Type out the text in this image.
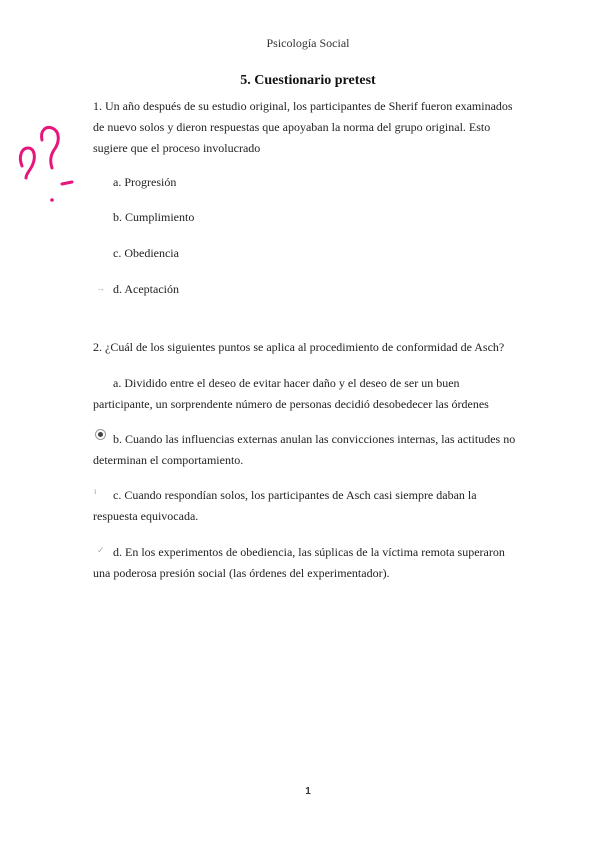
Psicología Social
5. Cuestionario pretest
1. Un año después de su estudio original, los participantes de Sherif fueron examinados
de nuevo solos y dieron respuestas que apoyaban la norma del grupo original. Esto
sugiere que el proceso involucrado
a. Progresión
b. Cumplimiento
c. Obediencia
→ d. Aceptación
2. ¿Cuál de los siguientes puntos se aplica al procedimiento de conformidad de Asch?
a. Dividido entre el deseo de evitar hacer daño y el deseo de ser un buen
participante, un sorprendente número de personas decidió desobedecer las órdenes
b. Cuando las influencias externas anulan las convicciones internas, las actitudes no
determinan el comportamiento.
ı	c. Cuando respondían solos, los participantes de Asch casi siempre daban la
respuesta equivocada.
✓ d. En los experimentos de obediencia, las súplicas de la víctima remota superaron
una poderosa presión social (las órdenes del experimentador).
1
